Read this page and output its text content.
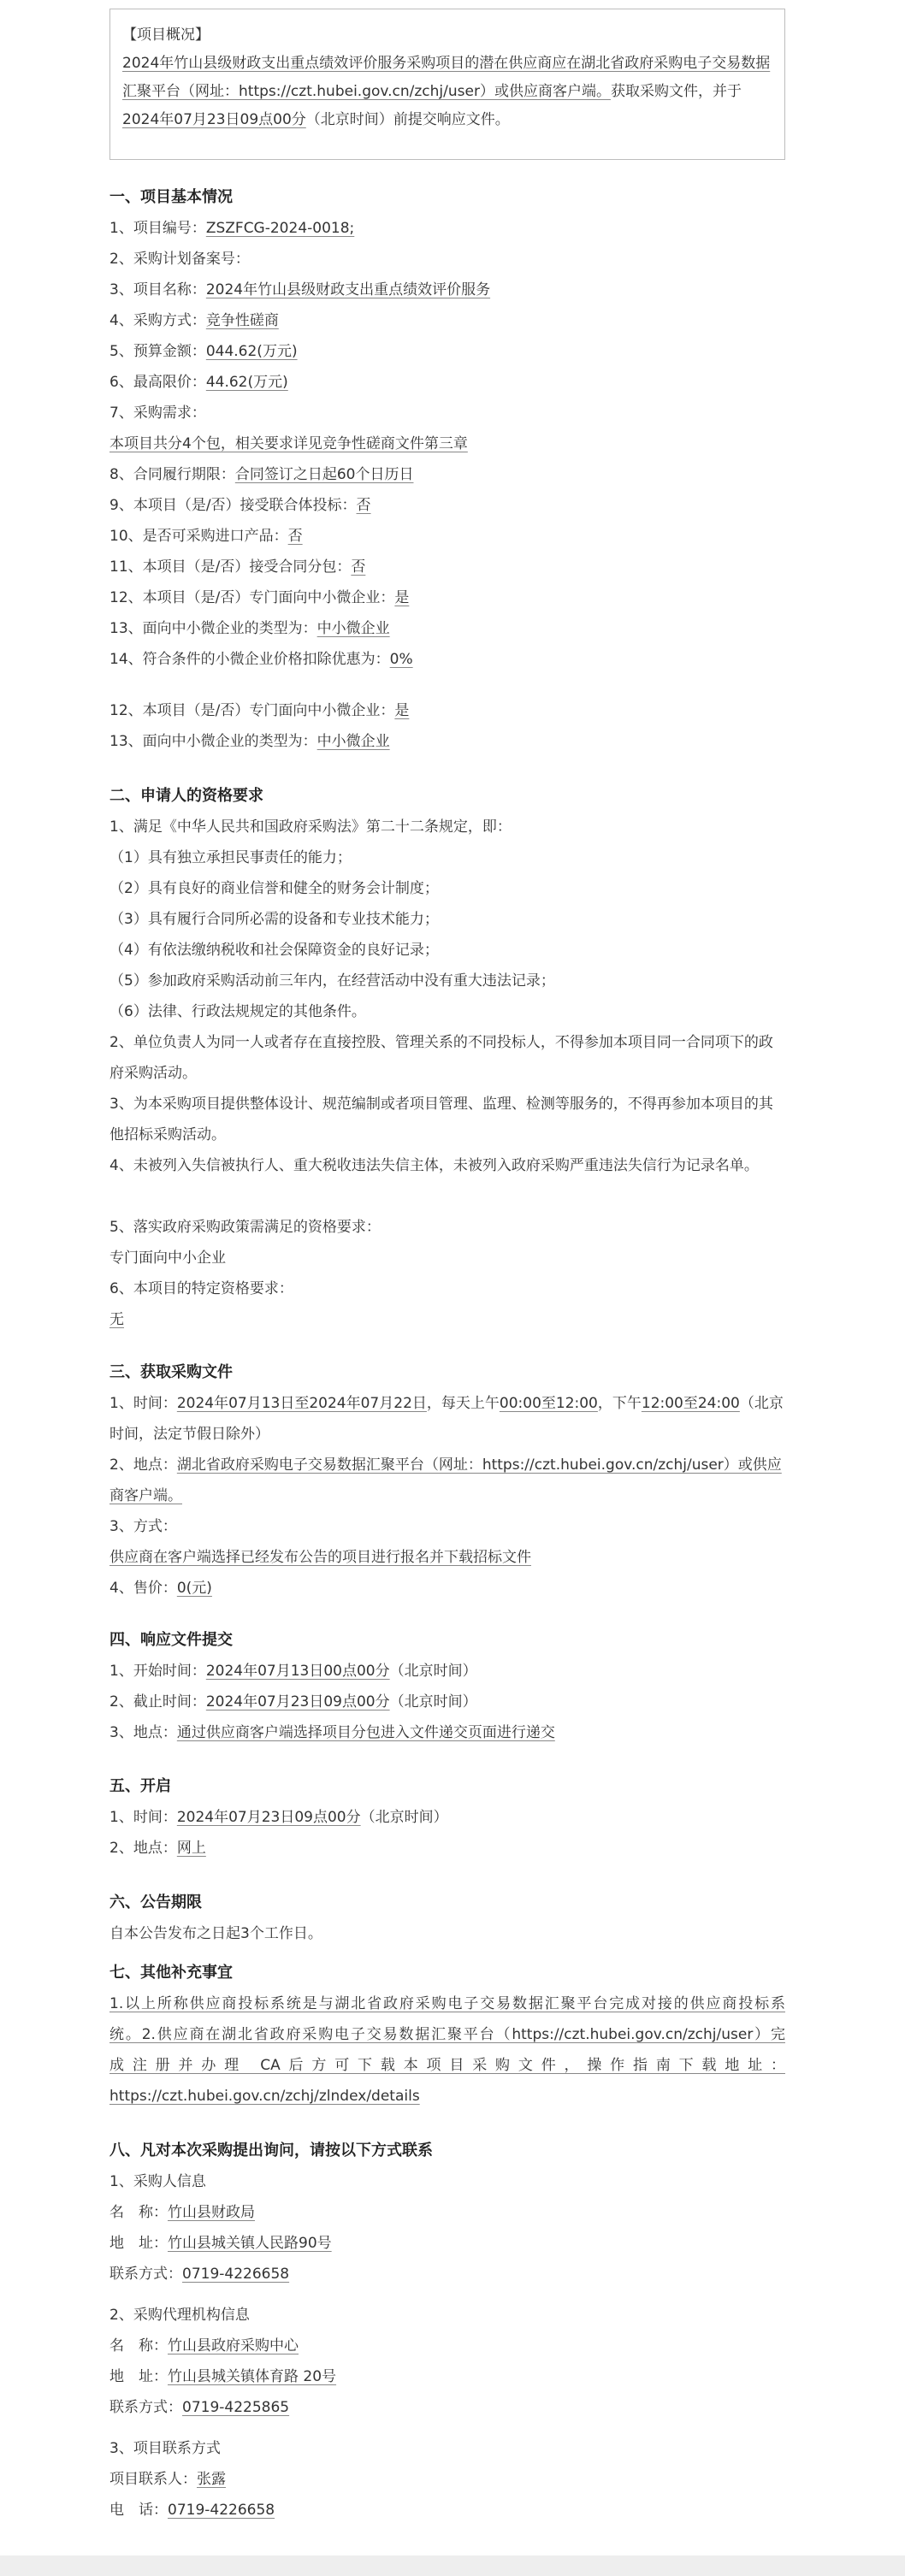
【项目概况】
2024年竹山县级财政支出重点绩效评价服务采购项目的潜在供应商应在湖北省政府采购电子交易数据汇聚平台（网址：https://czt.hubei.gov.cn/zchj/user）或供应商客户端。获取采购文件，并于2024年07月23日09点00分（北京时间）前提交响应文件。
一、项目基本情况
1、项目编号：ZSZFCG-2024-0018;
2、采购计划备案号：
3、项目名称：2024年竹山县级财政支出重点绩效评价服务
4、采购方式：竞争性磋商
5、预算金额：044.62(万元)
6、最高限价：44.62(万元)
7、采购需求：
本项目共分4个包，相关要求详见竞争性磋商文件第三章
8、合同履行期限：合同签订之日起60个日历日
9、本项目（是/否）接受联合体投标：否
10、是否可采购进口产品：否
11、本项目（是/否）接受合同分包：否
12、本项目（是/否）专门面向中小微企业：是
13、面向中小微企业的类型为：中小微企业
14、符合条件的小微企业价格扣除优惠为：0%
12、本项目（是/否）专门面向中小微企业：是
13、面向中小微企业的类型为：中小微企业
二、申请人的资格要求
1、满足《中华人民共和国政府采购法》第二十二条规定，即：
（1）具有独立承担民事责任的能力；
（2）具有良好的商业信誉和健全的财务会计制度；
（3）具有履行合同所必需的设备和专业技术能力；
（4）有依法缴纳税收和社会保障资金的良好记录；
（5）参加政府采购活动前三年内，在经营活动中没有重大违法记录；
（6）法律、行政法规规定的其他条件。
2、单位负责人为同一人或者存在直接控股、管理关系的不同投标人，不得参加本项目同一合同项下的政府采购活动。
3、为本采购项目提供整体设计、规范编制或者项目管理、监理、检测等服务的，不得再参加本项目的其他招标采购活动。
4、未被列入失信被执行人、重大税收违法失信主体，未被列入政府采购严重违法失信行为记录名单。
5、落实政府采购政策需满足的资格要求：
专门面向中小企业
6、本项目的特定资格要求：
无
三、获取采购文件
1、时间：2024年07月13日至2024年07月22日，每天上午00:00至12:00，下午12:00至24:00（北京时间，法定节假日除外）
2、地点：湖北省政府采购电子交易数据汇聚平台（网址：https://czt.hubei.gov.cn/zchj/user）或供应商客户端。
3、方式：
供应商在客户端选择已经发布公告的项目进行报名并下载招标文件
4、售价：0(元)
四、响应文件提交
1、开始时间：2024年07月13日00点00分（北京时间）
2、截止时间：2024年07月23日09点00分（北京时间）
3、地点：通过供应商客户端选择项目分包进入文件递交页面进行递交
五、开启
1、时间：2024年07月23日09点00分（北京时间）
2、地点：网上
六、公告期限
自本公告发布之日起3个工作日。
七、其他补充事宜
1.以上所称供应商投标系统是与湖北省政府采购电子交易数据汇聚平台完成对接的供应商投标系
统。2.供应商在湖北省政府采购电子交易数据汇聚平台（https://czt.hubei.gov.cn/zchj/user）完
成注册并办理 CA后方可下载本项目采购文件，操作指南下载地址：
https://czt.hubei.gov.cn/zchj/zlndex/details
八、凡对本次采购提出询问，请按以下方式联系
1、采购人信息
名　称：竹山县财政局
地　址：竹山县城关镇人民路90号
联系方式：0719-4226658
2、采购代理机构信息
名　称：竹山县政府采购中心
地　址：竹山县城关镇体育路 20号
联系方式：0719-4225865
3、项目联系方式
项目联系人：张露
电　话：0719-4226658
